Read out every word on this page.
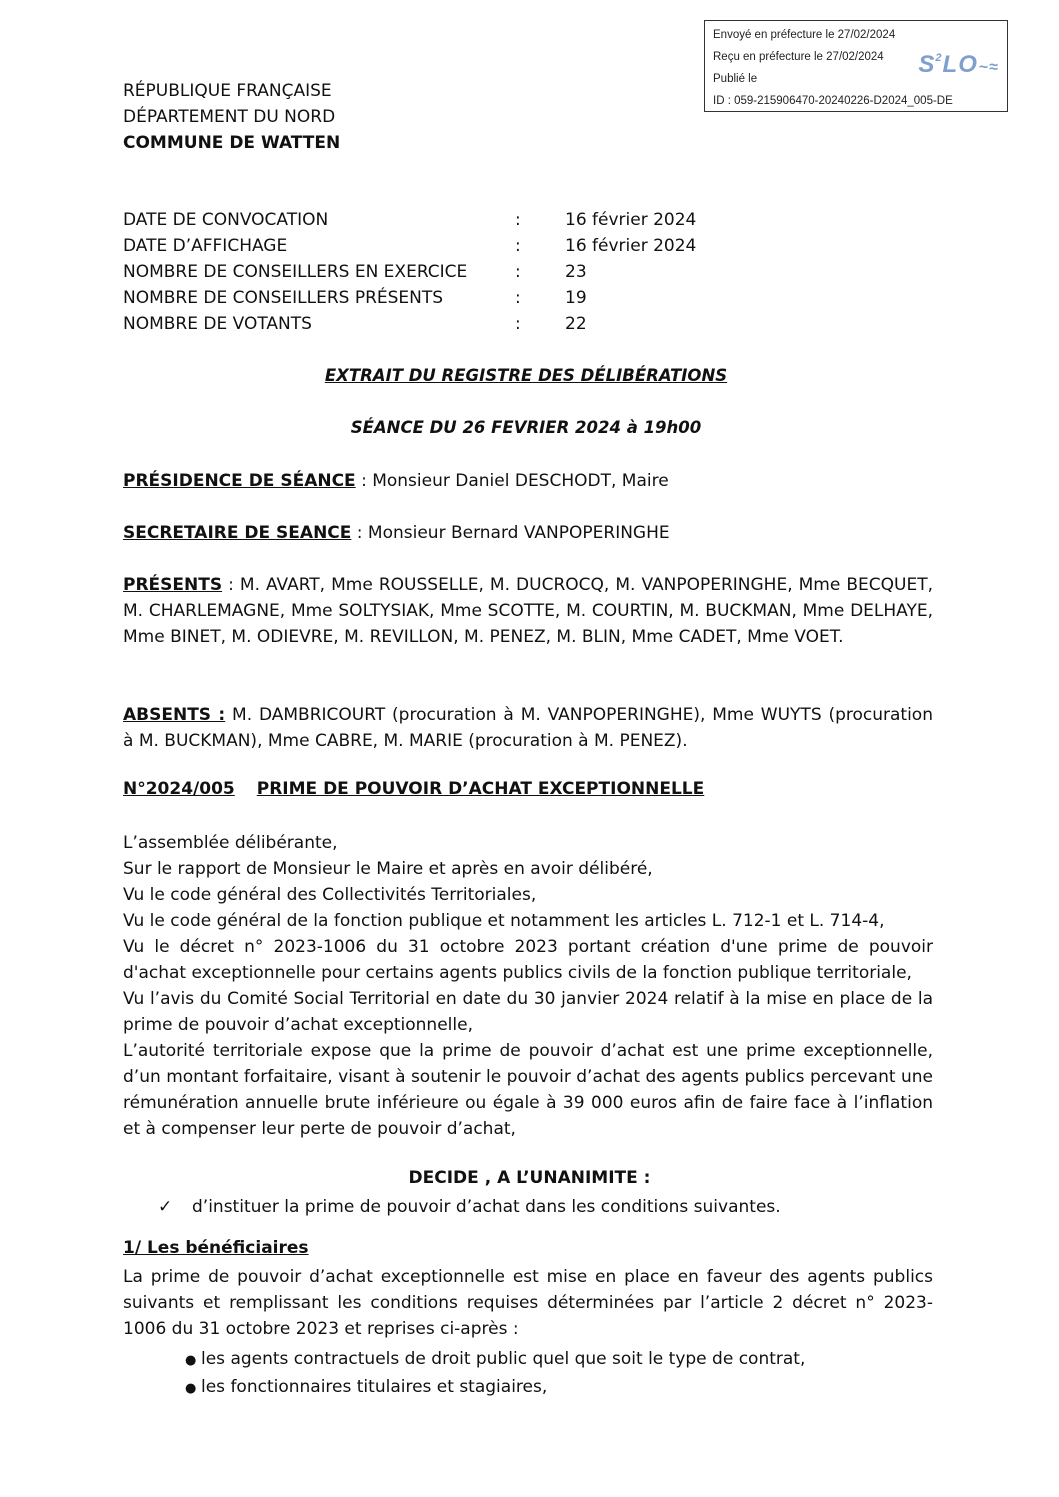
Envoyé en préfecture le 27/02/2024
Reçu en préfecture le 27/02/2024
Publié le
ID : 059-215906470-20240226-D2024_005-DE
$S^2LO\sim\approx$
RÉPUBLIQUE FRANÇAISE
DÉPARTEMENT DU NORD
COMMUNE DE WATTEN
DATE DE CONVOCATION	:	16 février 2024
DATE D’AFFICHAGE	:	16 février 2024
NOMBRE DE CONSEILLERS EN EXERCICE	:	23
NOMBRE DE CONSEILLERS PRÉSENTS	:	19
NOMBRE DE VOTANTS	:	22
EXTRAIT DU REGISTRE DES DÉLIBÉRATIONS
SÉANCE DU 26 FEVRIER 2024 à 19h00
PRÉSIDENCE DE SÉANCE : Monsieur Daniel DESCHODT, Maire
SECRETAIRE DE SEANCE : Monsieur Bernard VANPOPERINGHE
PRÉSENTS : M. AVART, Mme ROUSSELLE, M. DUCROCQ, M. VANPOPERINGHE, Mme BECQUET, M. CHARLEMAGNE, Mme SOLTYSIAK, Mme SCOTTE, M. COURTIN, M. BUCKMAN, Mme DELHAYE, Mme BINET, M. ODIEVRE, M. REVILLON, M. PENEZ, M. BLIN, Mme CADET, Mme VOET.
ABSENTS : M. DAMBRICOURT (procuration à M. VANPOPERINGHE), Mme WUYTS (procuration à M. BUCKMAN), Mme CABRE, M. MARIE (procuration à M. PENEZ).
N°2024/005 PRIME DE POUVOIR D’ACHAT EXCEPTIONNELLE
L’assemblée délibérante,
Sur le rapport de Monsieur le Maire et après en avoir délibéré,
Vu le code général des Collectivités Territoriales,
Vu le code général de la fonction publique et notamment les articles L. 712-1 et L. 714-4,
Vu le décret n° 2023-1006 du 31 octobre 2023 portant création d'une prime de pouvoir d'achat exceptionnelle pour certains agents publics civils de la fonction publique territoriale,
Vu l’avis du Comité Social Territorial en date du 30 janvier 2024 relatif à la mise en place de la prime de pouvoir d’achat exceptionnelle,
L’autorité territoriale expose que la prime de pouvoir d’achat est une prime exceptionnelle, d’un montant forfaitaire, visant à soutenir le pouvoir d’achat des agents publics percevant une rémunération annuelle brute inférieure ou égale à 39 000 euros afin de faire face à l’inflation et à compenser leur perte de pouvoir d’achat,
DECIDE , A L’UNANIMITE :
✓ d’instituer la prime de pouvoir d’achat dans les conditions suivantes.
1/ Les bénéficiaires
La prime de pouvoir d’achat exceptionnelle est mise en place en faveur des agents publics suivants et remplissant les conditions requises déterminées par l’article 2 décret n° 2023-1006 du 31 octobre 2023 et reprises ci-après :
● les agents contractuels de droit public quel que soit le type de contrat,
● les fonctionnaires titulaires et stagiaires,
